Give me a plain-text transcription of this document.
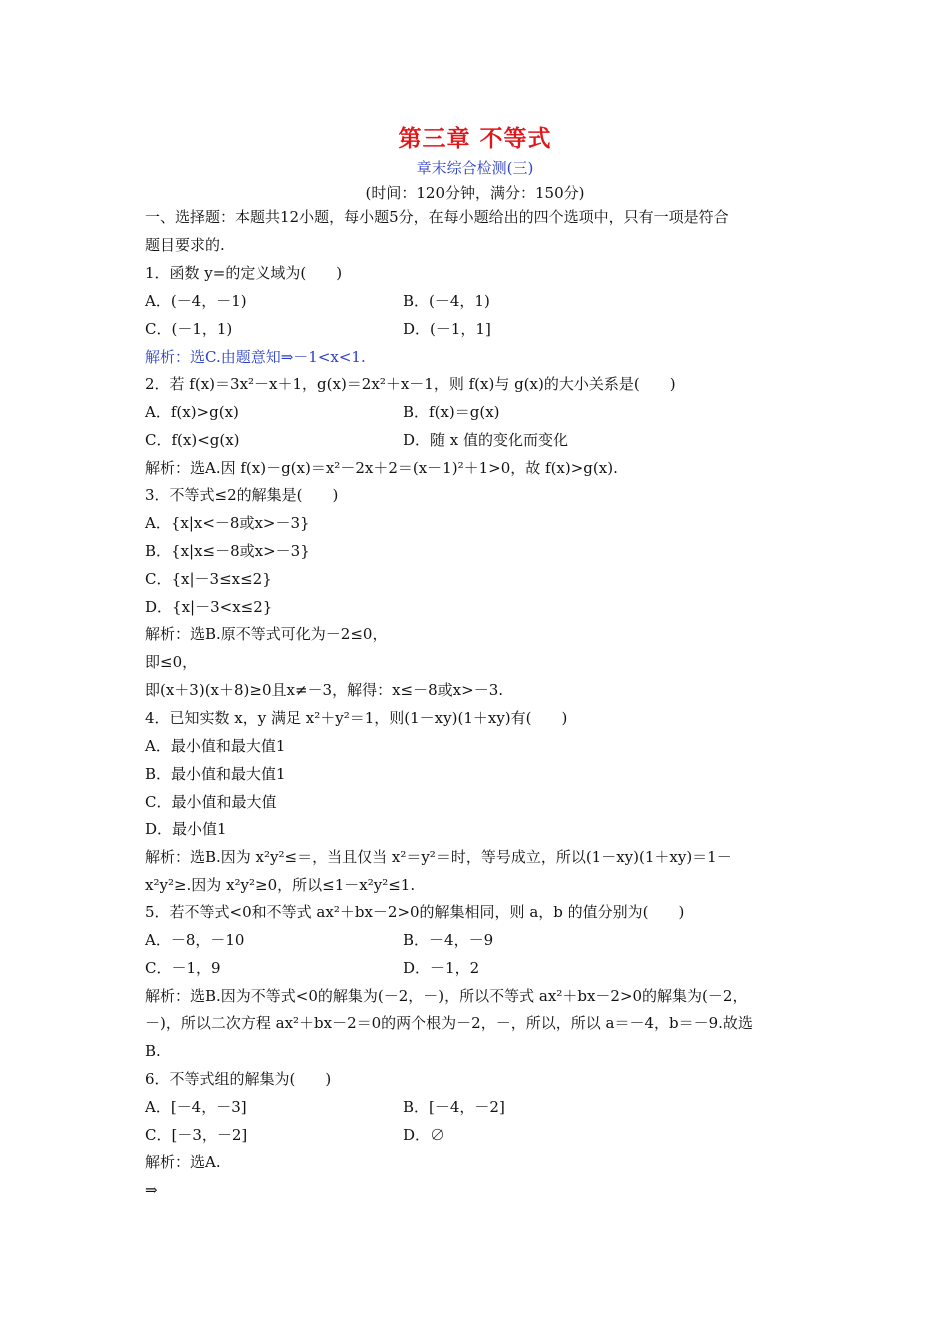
第三章 不等式
章末综合检测(三)
(时间：120分钟，满分：150分)
一、选择题：本题共12小题，每小题5分，在每小题给出的四个选项中，只有一项是符合
题目要求的.
1．函数 y=的定义域为(　　)
A．(－4，－1)	B．(－4，1)
C．(－1，1)	D．(－1，1]
解析：选C.由题意知⇒－1<x<1.
2．若 f(x)＝3x²－x＋1，g(x)＝2x²＋x－1，则 f(x)与 g(x)的大小关系是(　　)
A．f(x)>g(x)	B．f(x)＝g(x)
C．f(x)<g(x)	D．随 x 值的变化而变化
解析：选A.因 f(x)－g(x)＝x²－2x＋2＝(x－1)²＋1>0，故 f(x)>g(x).
3．不等式≤2的解集是(　　)
A．{x|x<－8或x>－3}
B．{x|x≤－8或x>－3}
C．{x|－3≤x≤2}
D．{x|－3<x≤2}
解析：选B.原不等式可化为－2≤0，
即≤0，
即(x＋3)(x＋8)≥0且x≠－3，解得：x≤－8或x>－3.
4．已知实数 x，y 满足 x²＋y²＝1，则(1－xy)(1＋xy)有(　　)
A．最小值和最大值1
B．最小值和最大值1
C．最小值和最大值
D．最小值1
解析：选B.因为 x²y²≤＝，当且仅当 x²＝y²＝时，等号成立，所以(1－xy)(1＋xy)＝1－
x²y²≥.因为 x²y²≥0，所以≤1－x²y²≤1.
5．若不等式<0和不等式 ax²＋bx－2>0的解集相同，则 a，b 的值分别为(　　)
A．－8，－10	B．－4，－9
C．－1，9	D．－1，2
解析：选B.因为不等式<0的解集为(－2，－)，所以不等式 ax²＋bx－2>0的解集为(－2，
－)，所以二次方程 ax²＋bx－2＝0的两个根为－2，－，所以，所以 a＝－4，b＝－9.故选
B.
6．不等式组的解集为(　　)
A．[－4，－3]	B．[－4，－2]
C．[－3，－2]	D．∅
解析：选A.
⇒
